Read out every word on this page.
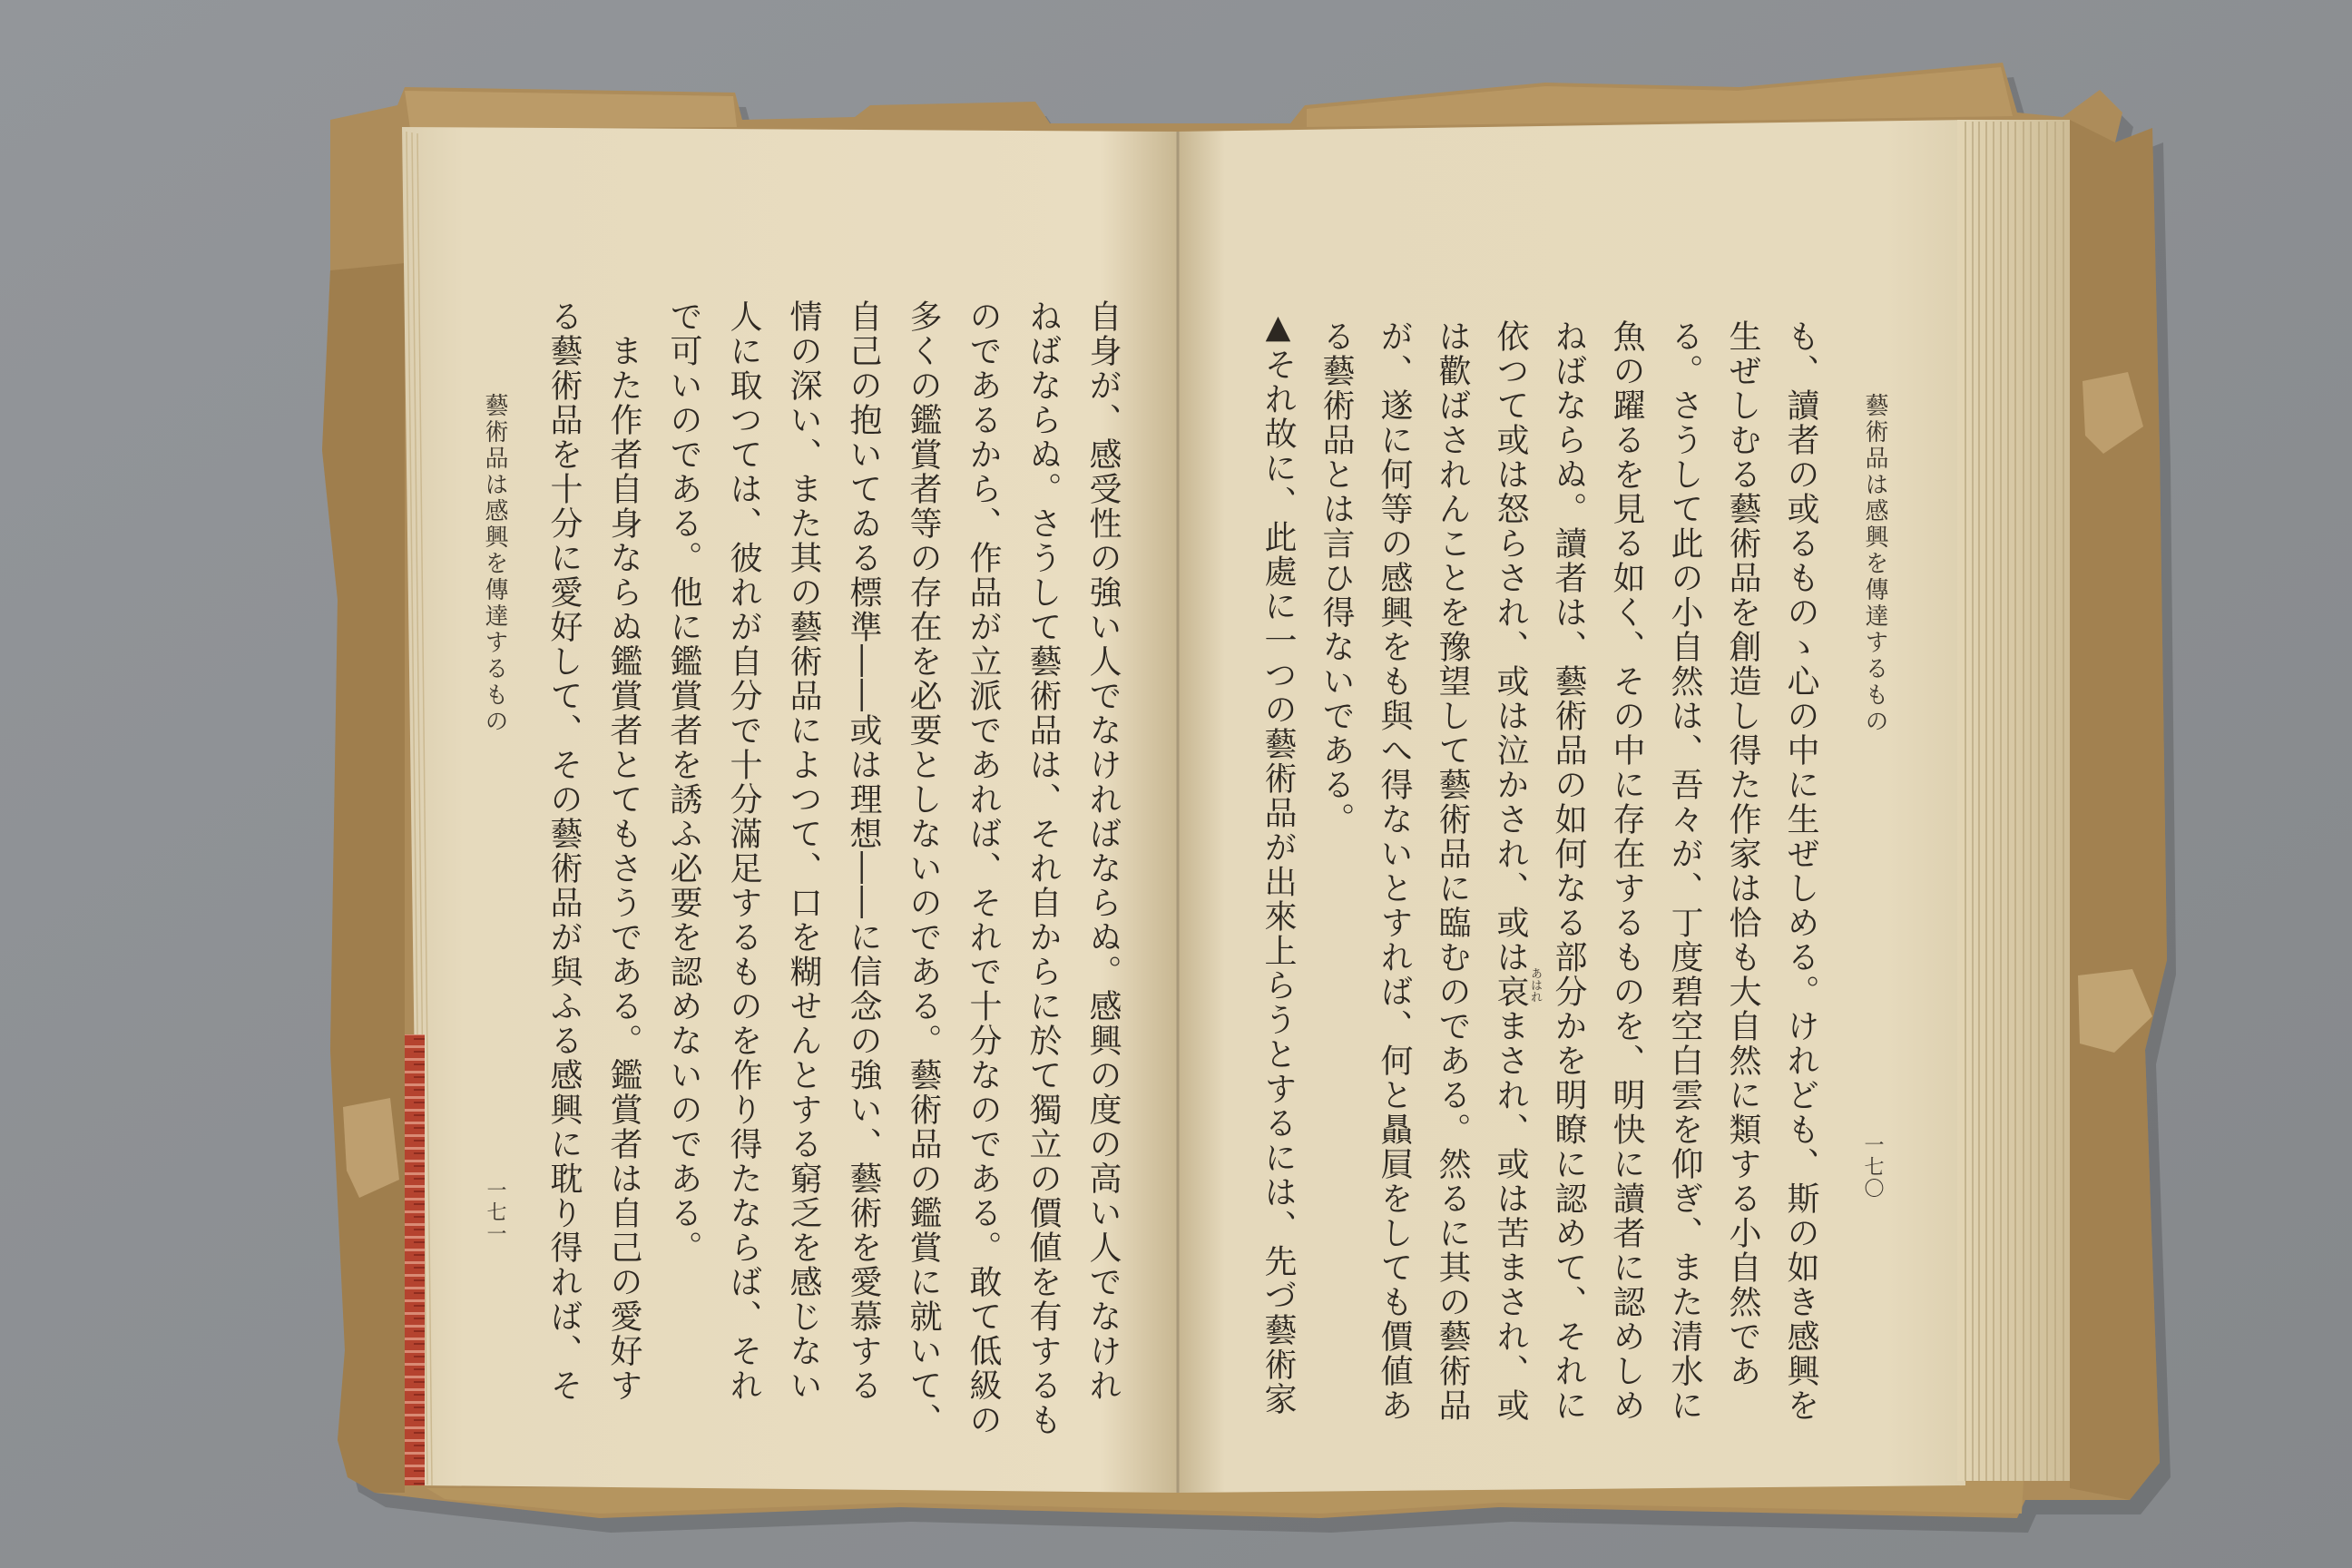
藝術品は感興を傳達するもの
一七〇
も、讀者の或るものゝ心の中に生ぜしめる。けれども、斯の如き感興を
生ぜしむる藝術品を創造し得た作家は恰も大自然に類する小自然であ
る。さうして此の小自然は、吾々が、丁度碧空白雲を仰ぎ、また清水に
魚の躍るを見る如く、その中に存在するものを、明快に讀者に認めしめ
ねばならぬ。讀者は、藝術品の如何なる部分かを明瞭に認めて、それに
依つて或は怒らされ、或は泣かされ、或は哀まされ、或は苦まされ、或
は歡ばされんことを豫望して藝術品に臨むのである。然るに其の藝術品
が、遂に何等の感興をも與へ得ないとすれば、何と贔屓をしても價値あ
る藝術品とは言ひ得ないである。
▲それ故に、此處に一つの藝術品が出來上らうとするには、先づ藝術家	あはれ
藝術品は感興を傳達するもの
一七一	自身が、感受性の強い人でなければならぬ。感興の度の高い人でなけれ
ねばならぬ。さうして藝術品は、それ自からに於て獨立の價値を有するも
のであるから、作品が立派であれば、それで十分なのである。敢て低級の
多くの鑑賞者等の存在を必要としないのである。藝術品の鑑賞に就いて、
自己の抱いてゐる標準――或は理想――に信念の強い、藝術を愛慕する
情の深い、また其の藝術品によつて、口を糊せんとする窮乏を感じない
人に取つては、彼れが自分で十分滿足するものを作り得たならば、それ
で可いのである。他に鑑賞者を誘ふ必要を認めないのである。
また作者自身ならぬ鑑賞者とてもさうである。鑑賞者は自己の愛好す
る藝術品を十分に愛好して、その藝術品が與ふる感興に耽り得れば、そ
